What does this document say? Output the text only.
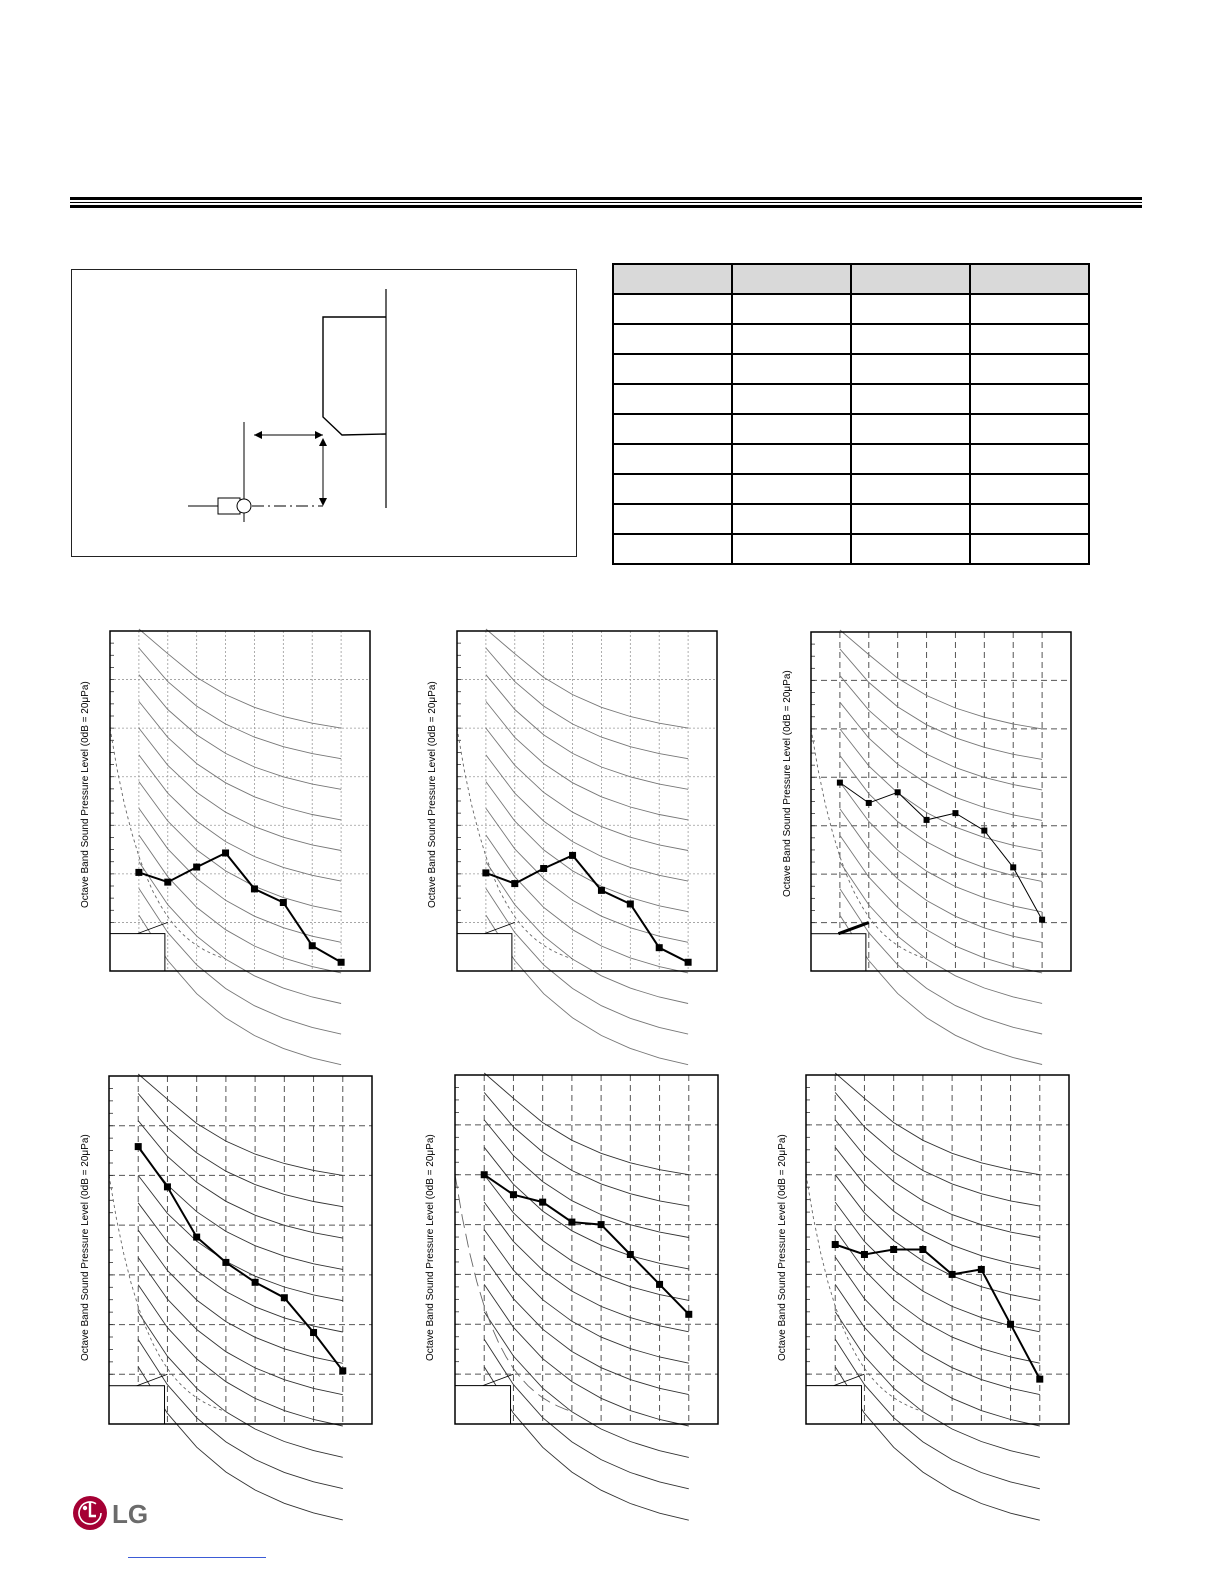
Octave Band Sound Pressure Level (0dB = 20μPa)	Octave Band Sound Pressure Level (0dB = 20μPa)	Octave Band Sound Pressure Level (0dB = 20μPa)
Octave Band Sound Pressure Level (0dB = 20μPa)	Octave Band Sound Pressure Level (0dB = 20μPa)	Octave Band Sound Pressure Level (0dB = 20μPa)
LG
